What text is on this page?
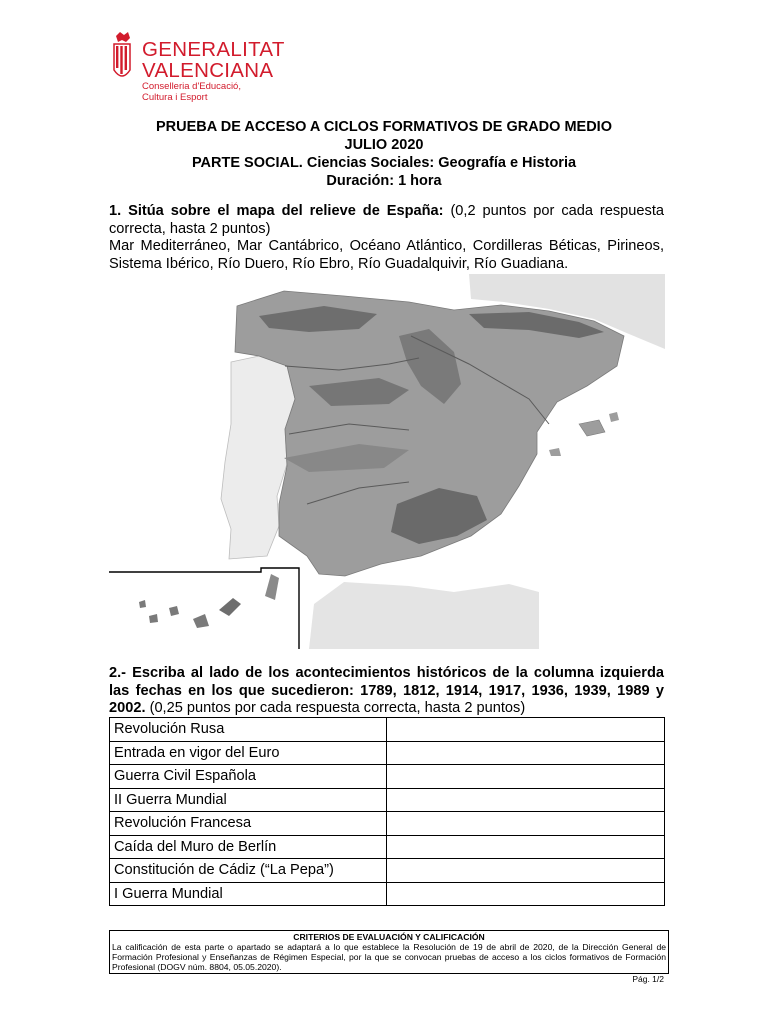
GENERALITAT
VALENCIANA
Conselleria d'Educació,
Cultura i Esport
PRUEBA DE ACCESO A CICLOS FORMATIVOS DE GRADO MEDIO
JULIO 2020
PARTE SOCIAL. Ciencias Sociales: Geografía e Historia
Duración: 1 hora
1. Sitúa sobre el mapa del relieve de España: (0,2 puntos por cada respuesta correcta, hasta 2 puntos)
Mar Mediterráneo, Mar Cantábrico, Océano Atlántico, Cordilleras Béticas, Pirineos, Sistema Ibérico, Río Duero, Río Ebro, Río Guadalquivir, Río Guadiana.
2.- Escriba al lado de los acontecimientos históricos de la columna izquierda las fechas en los que sucedieron: 1789, 1812, 1914, 1917, 1936, 1939, 1989 y 2002. (0,25 puntos por cada respuesta correcta, hasta 2 puntos)
Revolución Rusa	
Entrada en vigor del Euro	
Guerra Civil Española	
II Guerra Mundial	
Revolución Francesa	
Caída del Muro de Berlín	
Constitución de Cádiz (“La Pepa”)	
I Guerra Mundial	
CRITERIOS DE EVALUACIÓN Y CALIFICACIÓN
La calificación de esta parte o apartado se adaptará a lo que establece la Resolución de 19 de abril de 2020, de la Dirección General de Formación Profesional y Enseñanzas de Régimen Especial, por la que se convocan pruebas de acceso a los ciclos formativos de Formación Profesional (DOGV núm. 8804, 05.05.2020).
Pág. 1/2
